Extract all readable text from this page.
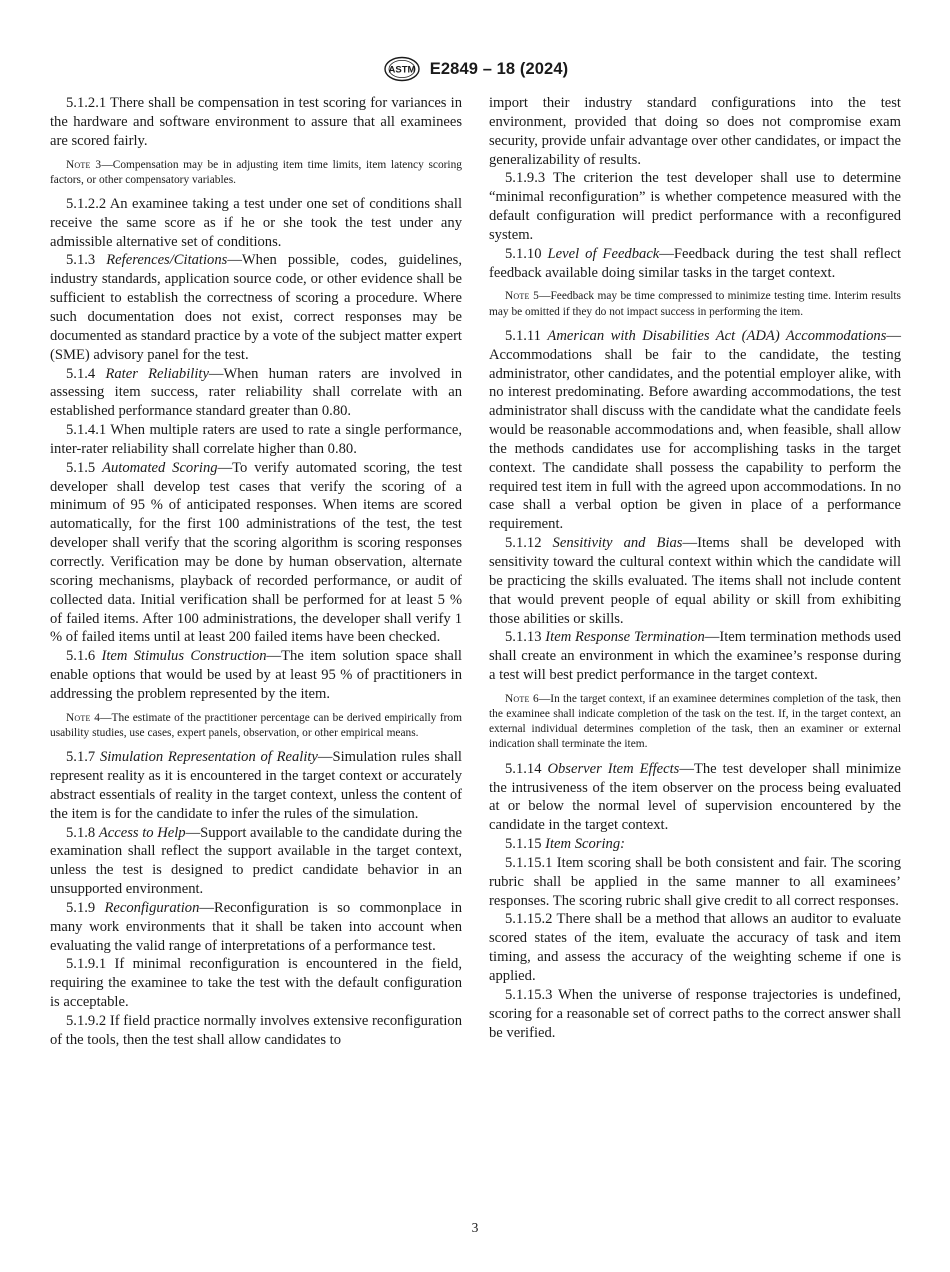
ASTM E2849 – 18 (2024)

5.1.2.1 There shall be compensation in test scoring for variances in the hardware and software environment to assure that all examinees are scored fairly.

Note 3—Compensation may be in adjusting item time limits, item latency scoring factors, or other compensatory variables.

5.1.2.2 An examinee taking a test under one set of conditions shall receive the same score as if he or she took the test under any admissible alternative set of conditions.

5.1.3 References/Citations—When possible, codes, guidelines, industry standards, application source code, or other evidence shall be sufficient to establish the correctness of scoring a procedure. Where such documentation does not exist, correct responses may be documented as standard practice by a vote of the subject matter expert (SME) advisory panel for the test.

5.1.4 Rater Reliability—When human raters are involved in assessing item success, rater reliability shall correlate with an established performance standard greater than 0.80.

5.1.4.1 When multiple raters are used to rate a single performance, inter-rater reliability shall correlate higher than 0.80.

5.1.5 Automated Scoring—To verify automated scoring, the test developer shall develop test cases that verify the scoring of a minimum of 95 % of anticipated responses. When items are scored automatically, for the first 100 administrations of the test, the test developer shall verify that the scoring algorithm is scoring responses correctly. Verification may be done by human observation, alternate scoring mechanisms, playback of recorded performance, or audit of collected data. Initial verification shall be performed for at least 5 % of failed items. After 100 administrations, the developer shall verify 1 % of failed items until at least 200 failed items have been checked.

5.1.6 Item Stimulus Construction—The item solution space shall enable options that would be used by at least 95 % of practitioners in addressing the problem represented by the item.

Note 4—The estimate of the practitioner percentage can be derived empirically from usability studies, use cases, expert panels, observation, or other empirical means.

5.1.7 Simulation Representation of Reality—Simulation rules shall represent reality as it is encountered in the target context or accurately abstract essentials of reality in the target context, unless the content of the item is for the candidate to infer the rules of the simulation.

5.1.8 Access to Help—Support available to the candidate during the examination shall reflect the support available in the target context, unless the test is designed to predict candidate behavior in an unsupported environment.

5.1.9 Reconfiguration—Reconfiguration is so commonplace in many work environments that it shall be taken into account when evaluating the valid range of interpretations of a performance test.

5.1.9.1 If minimal reconfiguration is encountered in the field, requiring the examinee to take the test with the default configuration is acceptable.

5.1.9.2 If field practice normally involves extensive reconfiguration of the tools, then the test shall allow candidates to

import their industry standard configurations into the test environment, provided that doing so does not compromise exam security, provide unfair advantage over other candidates, or impact the generalizability of results.

5.1.9.3 The criterion the test developer shall use to determine “minimal reconfiguration” is whether competence measured with the default configuration will predict performance with a reconfigured system.

5.1.10 Level of Feedback—Feedback during the test shall reflect feedback available doing similar tasks in the target context.

Note 5—Feedback may be time compressed to minimize testing time. Interim results may be omitted if they do not impact success in performing the item.

5.1.11 American with Disabilities Act (ADA) Accommodations—Accommodations shall be fair to the candidate, the testing administrator, other candidates, and the potential employer alike, with no interest predominating. Before awarding accommodations, the test administrator shall discuss with the candidate what the candidate feels would be reasonable accommodations and, when feasible, shall allow the methods candidates use for accomplishing tasks in the target context. The candidate shall possess the capability to perform the required test item in full with the agreed upon accommodations. In no case shall a verbal option be given in place of a performance requirement.

5.1.12 Sensitivity and Bias—Items shall be developed with sensitivity toward the cultural context within which the candidate will be practicing the skills evaluated. The items shall not include content that would prevent people of equal ability or skill from exhibiting those abilities or skills.

5.1.13 Item Response Termination—Item termination methods used shall create an environment in which the examinee’s response during a test will best predict performance in the target context.

Note 6—In the target context, if an examinee determines completion of the task, then the examinee shall indicate completion of the task on the test. If, in the target context, an external individual determines completion of the task, then an examiner or external indication shall terminate the item.

5.1.14 Observer Item Effects—The test developer shall minimize the intrusiveness of the item observer on the process being evaluated at or below the normal level of supervision encountered by the candidate in the target context.

5.1.15 Item Scoring:

5.1.15.1 Item scoring shall be both consistent and fair. The scoring rubric shall be applied in the same manner to all examinees’ responses. The scoring rubric shall give credit to all correct responses.

5.1.15.2 There shall be a method that allows an auditor to evaluate scored states of the item, evaluate the accuracy of task and item timing, and assess the accuracy of the weighting scheme if one is applied.

5.1.15.3 When the universe of response trajectories is undefined, scoring for a reasonable set of correct paths to the correct answer shall be verified.

3
